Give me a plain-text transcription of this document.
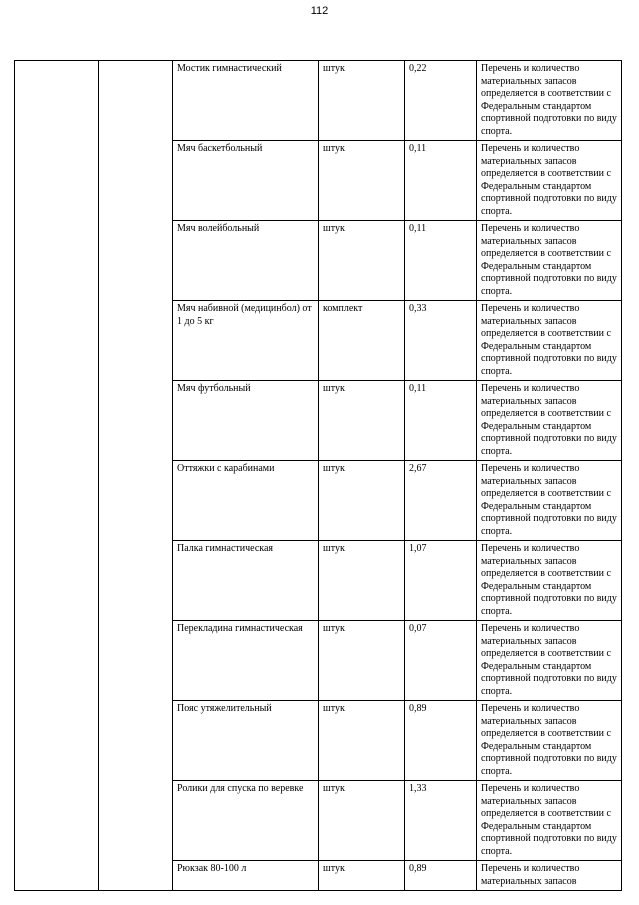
112
		Мостик гимнастический	штук	0,22	Перечень и количество материальных запасов определяется в соответствии с Федеральным стандартом спортивной подготовки по виду спорта.
		Мяч баскетбольный	штук	0,11	Перечень и количество материальных запасов определяется в соответствии с Федеральным стандартом спортивной подготовки по виду спорта.
		Мяч волейбольный	штук	0,11	Перечень и количество материальных запасов определяется в соответствии с Федеральным стандартом спортивной подготовки по виду спорта.
		Мяч набивной (медицинбол) от 1 до 5 кг	комплект	0,33	Перечень и количество материальных запасов определяется в соответствии с Федеральным стандартом спортивной подготовки по виду спорта.
		Мяч футбольный	штук	0,11	Перечень и количество материальных запасов определяется в соответствии с Федеральным стандартом спортивной подготовки по виду спорта.
		Оттяжки с карабинами	штук	2,67	Перечень и количество материальных запасов определяется в соответствии с Федеральным стандартом спортивной подготовки по виду спорта.
		Палка гимнастическая	штук	1,07	Перечень и количество материальных запасов определяется в соответствии с Федеральным стандартом спортивной подготовки по виду спорта.
		Перекладина гимнастическая	штук	0,07	Перечень и количество материальных запасов определяется в соответствии с Федеральным стандартом спортивной подготовки по виду спорта.
		Пояс утяжелительный	штук	0,89	Перечень и количество материальных запасов определяется в соответствии с Федеральным стандартом спортивной подготовки по виду спорта.
		Ролики для спуска по веревке	штук	1,33	Перечень и количество материальных запасов определяется в соответствии с Федеральным стандартом спортивной подготовки по виду спорта.
		Рюкзак 80-100 л	штук	0,89	Перечень и количество материальных запасов
